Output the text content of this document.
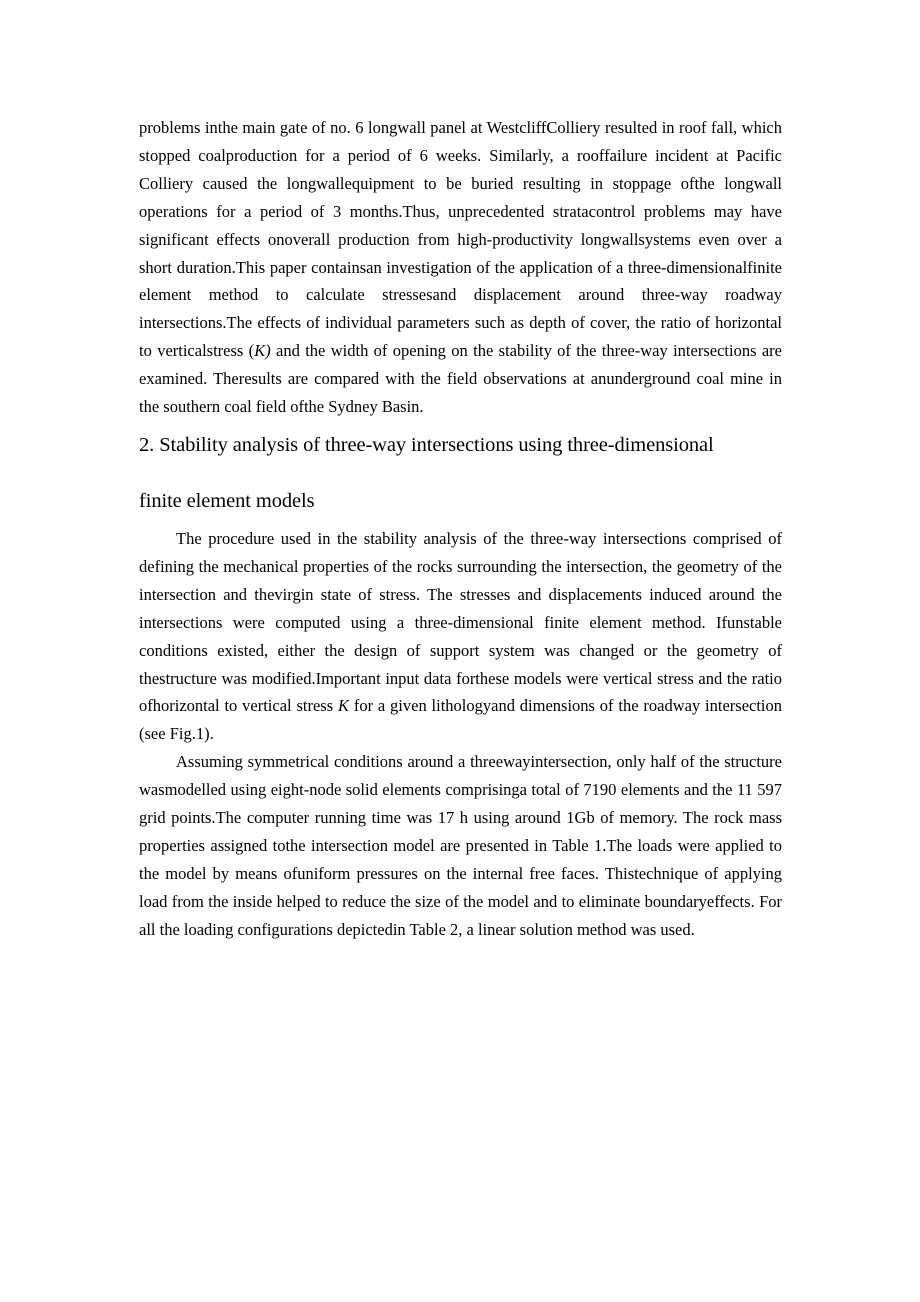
problems inthe main gate of no. 6 longwall panel at WestcliffColliery resulted in roof fall, which stopped coalproduction for a period of 6 weeks. Similarly, a rooffailure incident at Pacific Colliery caused the longwallequipment to be buried resulting in stoppage ofthe longwall operations for a period of 3 months.Thus, unprecedented stratacontrol problems may have significant effects onoverall production from high-productivity longwallsystems even over a short duration.This paper containsan investigation of the application of a three-dimensionalfinite element method to calculate stressesand displacement around three-way roadway intersections.The effects of individual parameters such as depth of cover, the ratio of horizontal to verticalstress (K) and the width of opening on the stability of the three-way intersections are examined. Theresults are compared with the field observations at anunderground coal mine in the southern coal field ofthe Sydney Basin.

2. Stability analysis of three-way intersections using three-dimensional
finite element models

The procedure used in the stability analysis of the three-way intersections comprised of defining the mechanical properties of the rocks surrounding the intersection, the geometry of the intersection and thevirgin state of stress. The stresses and displacements induced around the intersections were computed using a three-dimensional finite element method. Ifunstable conditions existed, either the design of support system was changed or the geometry of thestructure was modified.Important input data forthese models were vertical stress and the ratio ofhorizontal to vertical stress K for a given lithologyand dimensions of the roadway intersection (see Fig.1).

Assuming symmetrical conditions around a threewayintersection, only half of the structure wasmodelled using eight-node solid elements comprisinga total of 7190 elements and the 11 597 grid points.The computer running time was 17 h using around 1Gb of memory. The rock mass properties assigned tothe intersection model are presented in Table 1.The loads were applied to the model by means ofuniform pressures on the internal free faces. Thistechnique of applying load from the inside helped to reduce the size of the model and to eliminate boundaryeffects. For all the loading configurations depictedin Table 2, a linear solution method was used.
